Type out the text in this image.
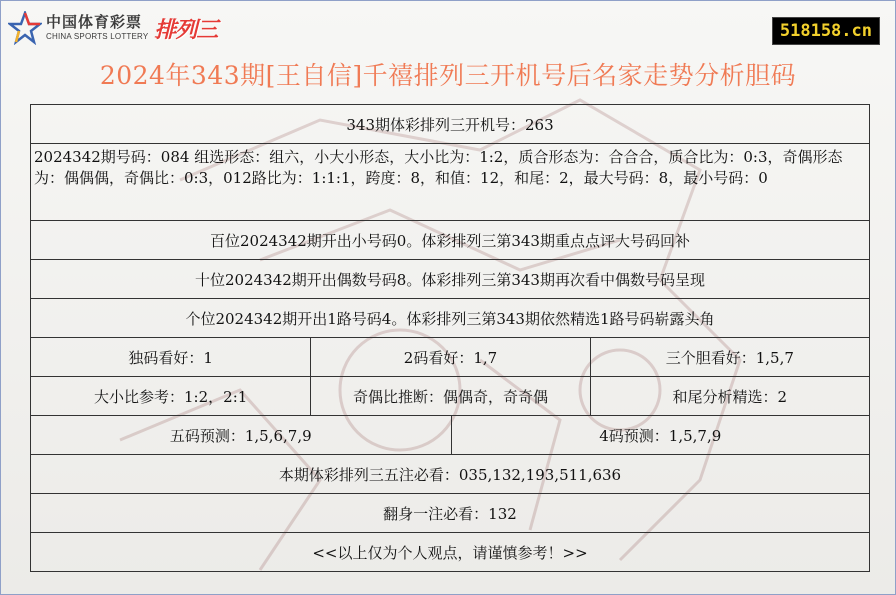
中国体育彩票
CHINA SPORTS LOTTERY 排列三	518158.cn
2024年343期[王自信]千禧排列三开机号后名家走势分析胆码
343期体彩排列三开机号：263
2024342期号码：084 组选形态：组六，小大小形态，大小比为：1:2，质合形态为：合合合，质合比为：0:3，奇偶形态为：偶偶偶，奇偶比：0:3，012路比为：1:1:1，跨度：8，和值：12，和尾：2，最大号码：8，最小号码：0
百位2024342期开出小号码0。体彩排列三第343期重点点评大号码回补
十位2024342期开出偶数号码8。体彩排列三第343期再次看中偶数号码呈现
个位2024342期开出1路号码4。体彩排列三第343期依然精选1路号码崭露头角
独码看好：1	2码看好：1,7	三个胆看好：1,5,7
大小比参考：1:2，2:1	奇偶比推断：偶偶奇，奇奇偶	和尾分析精选：2
五码预测：1,5,6,7,9	4码预测：1,5,7,9
本期体彩排列三五注必看：035,132,193,511,636
翻身一注必看：132
<<以上仅为个人观点，请谨慎参考！>>
